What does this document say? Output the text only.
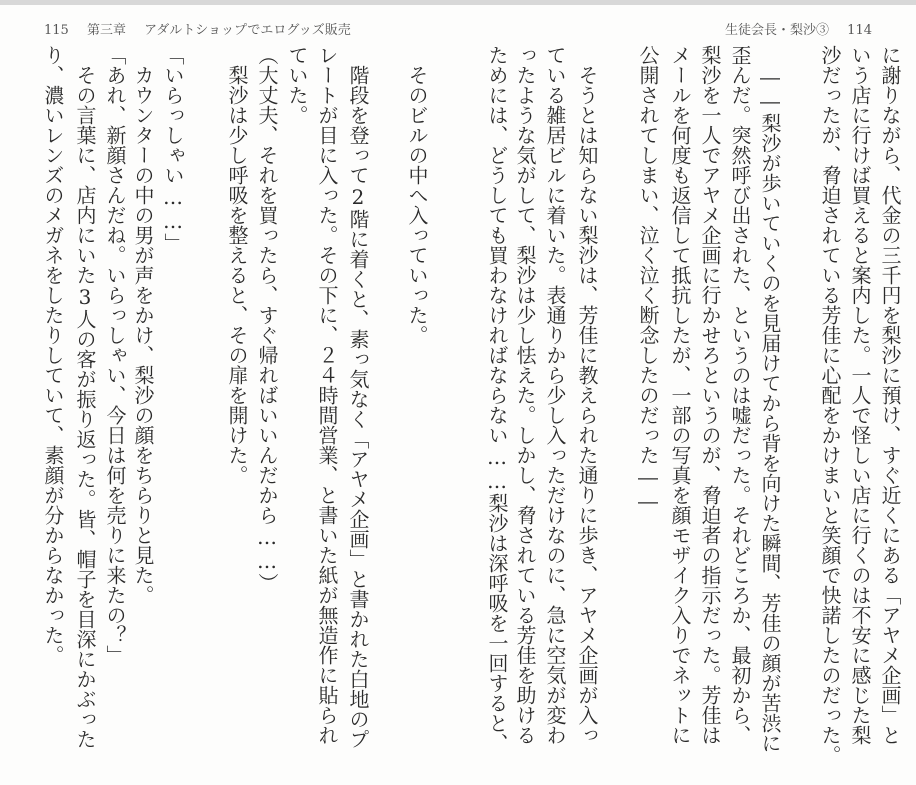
115 第三章 アダルトショップでエログッズ販売	生徒会長・梨沙③ 114
に謝りながら、代金の三千円を梨沙に預け、すぐ近くにある「アヤメ企画」と
いう店に行けば買えると案内した。一人で怪しい店に行くのは不安に感じた梨
沙だったが、脅迫されている芳佳に心配をかけまいと笑顔で快諾したのだった。
――梨沙が歩いていくのを見届けてから背を向けた瞬間、芳佳の顔が苦渋に
歪んだ。突然呼び出された、というのは嘘だった。それどころか、最初から、
梨沙を一人でアヤメ企画に行かせろというのが、脅迫者の指示だった。芳佳は
メールを何度も返信して抵抗したが、一部の写真を顔モザイク入りでネットに
公開されてしまい、泣く泣く断念したのだった――
そうとは知らない梨沙は、芳佳に教えられた通りに歩き、アヤメ企画が入っ
ている雑居ビルに着いた。表通りから少し入っただけなのに、急に空気が変わ
ったような気がして、梨沙は少し怯えた。しかし、脅されている芳佳を助ける
ためには、どうしても買わなければならない……梨沙は深呼吸を一回すると、
そのビルの中へ入っていった。
階段を登って2階に着くと、素っ気なく「アヤメ企画」と書かれた白地のプ
レートが目に入った。その下に、２４時間営業、と書いた紙が無造作に貼られ
ていた。
（大丈夫、それを買ったら、すぐ帰ればいいんだから……）
梨沙は少し呼吸を整えると、その扉を開けた。
「いらっしゃい……」
カウンターの中の男が声をかけ、梨沙の顔をちらりと見た。
「あれ、新顔さんだね。いらっしゃい、今日は何を売りに来たの？」
その言葉に、店内にいた3人の客が振り返った。皆、帽子を目深にかぶった
り、濃いレンズのメガネをしたりしていて、素顔が分からなかった。
